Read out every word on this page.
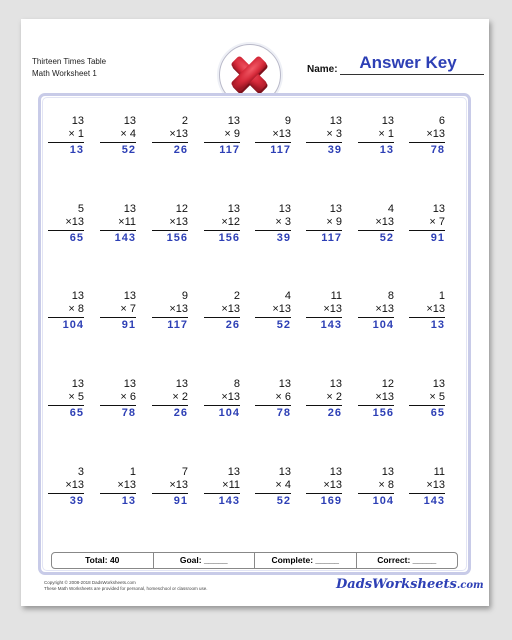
Thirteen Times Table
Math Worksheet 1	Name:	Answer Key
13
× 1
13
13
× 4
52
2
×13
26
13
× 9
117
9
×13
117
13
× 3
39
13
× 1
13
6
×13
78
5
×13
65
13
×11
143
12
×13
156
13
×12
156
13
× 3
39
13
× 9
117
4
×13
52
13
× 7
91
13
× 8
104
13
× 7
91
9
×13
117
2
×13
26
4
×13
52
11
×13
143
8
×13
104
1
×13
13
13
× 5
65
13
× 6
78
13
× 2
26
8
×13
104
13
× 6
78
13
× 2
26
12
×13
156
13
× 5
65
3
×13
39
1
×13
13
7
×13
91
13
×11
143
13
× 4
52
13
×13
169
13
× 8
104
11
×13
143
Total: 40	Goal: _____	Complete: _____	Correct: _____
Copyright © 2008-2018 DadsWorksheets.com
These Math Worksheets are provided for personal, homeschool or classroom use.	DadsWorksheets.com
